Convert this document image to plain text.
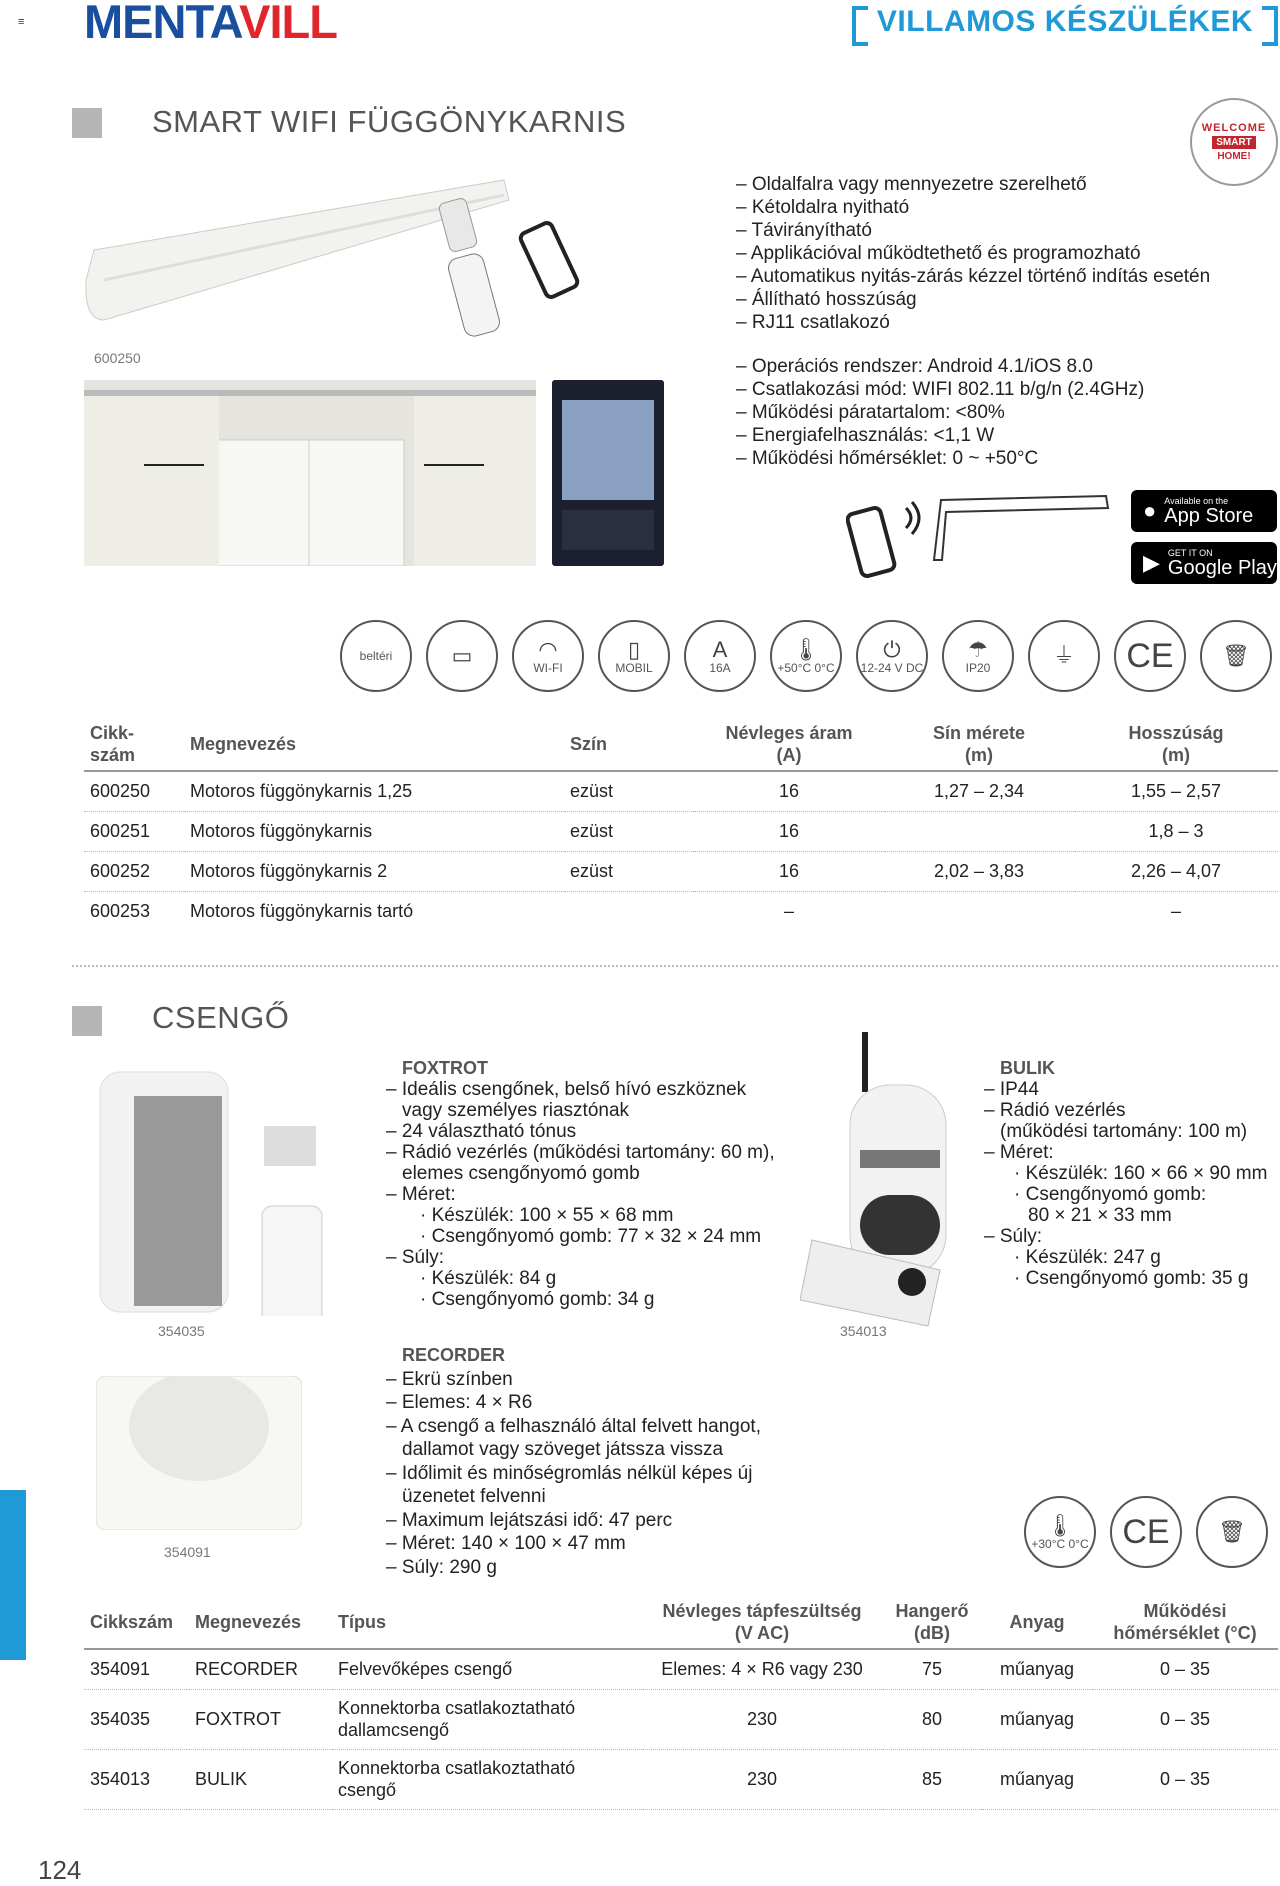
≡ MENTAVILL	VILLAMOS KÉSZÜLÉKEK
SMART WIFI FÜGGÖNYKARNIS	WELCOME
SMART
HOME!
600250
– Oldalfalra vagy mennyezetre szerelhető
– Kétoldalra nyitható
– Távirányítható
– Applikációval működtethető és programozható
– Automatikus nyitás-zárás kézzel történő indítás esetén
– Állítható hosszúság
– RJ11 csatlakozó
– Operációs rendszer: Android 4.1/iOS 8.0
– Csatlakozási mód: WIFI 802.11 b/g/n (2.4GHz)
– Működési páratartalom: <80%
– Energiafelhasználás: <1,1 W
– Működési hőmérséklet: 0 ~ +50°C
● Available on the
App Store
▶ GET IT ON
Google Play
beltéri	▭	◠
WI-FI
▯
MOBIL
A
16A
🌡
+50°C 0°C
⏻
12-24 V DC
☂
IP20	⏚ CE 🗑
Cikk-
szám	Megnevezés	Szín	Névleges áram
(A)	Sín mérete
(m)	Hosszúság
(m)
600250	Motoros függönykarnis 1,25	ezüst	16	1,27 – 2,34	1,55 – 2,57
600251	Motoros függönykarnis	ezüst	16		1,8 – 3
600252	Motoros függönykarnis 2	ezüst	16	2,02 – 3,83	2,26 – 4,07
600253	Motoros függönykarnis tartó		–		–
CSENGŐ
354035
354091
354013
FOXTROT
– Ideális csengőnek, belső hívó eszköznek
vagy személyes riasztónak
– 24 választható tónus
– Rádió vezérlés (működési tartomány: 60 m),
elemes csengőnyomó gomb
– Méret:
· Készülék: 100 × 55 × 68 mm
· Csengőnyomó gomb: 77 × 32 × 24 mm
– Súly:
· Készülék: 84 g
· Csengőnyomó gomb: 34 g
BULIK
– IP44
– Rádió vezérlés
(működési tartomány: 100 m)
– Méret:
· Készülék: 160 × 66 × 90 mm
· Csengőnyomó gomb:
80 × 21 × 33 mm
– Súly:
· Készülék: 247 g
· Csengőnyomó gomb: 35 g
RECORDER
– Ekrü színben
– Elemes: 4 × R6
– A csengő a felhasználó által felvett hangot,
dallamot vagy szöveget játssza vissza
– Időlimit és minőségromlás nélkül képes új
üzenetet felvenni
– Maximum lejátszási idő: 47 perc
– Méret: 140 × 100 × 47 mm
– Súly: 290 g
🌡
+30°C 0°C CE 🗑
Cikkszám	Megnevezés	Típus	Névleges tápfeszültség
(V AC)	Hangerő
(dB)	Anyag	Működési
hőmérséklet (°C)
354091	RECORDER	Felvevőképes csengő	Elemes: 4 × R6 vagy 230	75	műanyag	0 – 35
354035	FOXTROT	Konnektorba csatlakoztatható dallamcsengő	230	80	műanyag	0 – 35
354013	BULIK	Konnektorba csatlakoztatható csengő	230	85	műanyag	0 – 35
124
